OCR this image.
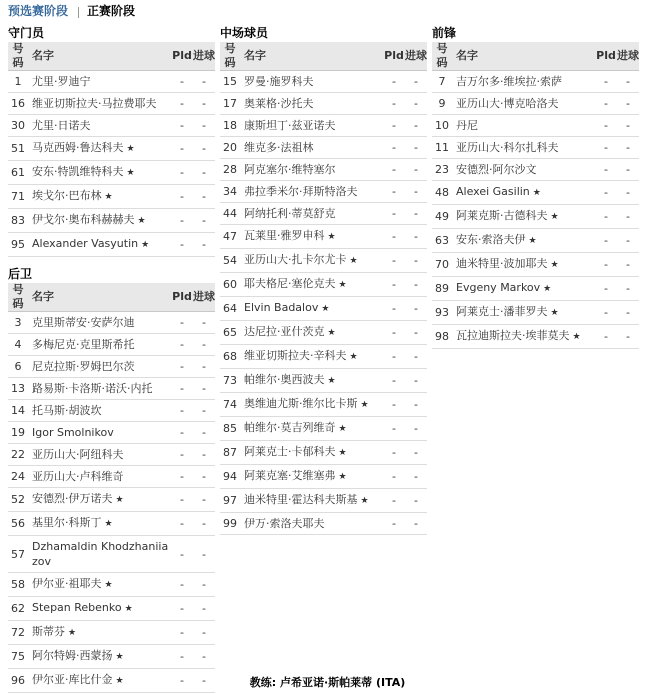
预选赛阶段 正赛阶段
守门员
号码	名字	Pld	进球
1	尤里·罗迪宁	-	-
16	维亚切斯拉夫·马拉费耶夫	-	-
30	尤里·日诺夫	-	-
51	马克西姆·鲁达科夫 ★	-	-
61	安东·特凯维特科夫 ★	-	-
71	埃戈尔·巴布林 ★	-	-
83	伊戈尔·奥布科赫赫夫 ★	-	-
95	Alexander Vasyutin ★	-	-
后卫
号码	名字	Pld	进球
3	克里斯蒂安·安萨尔迪	-	-
4	多梅尼克·克里斯希托	-	-
6	尼克拉斯·罗姆巴尔茨	-	-
13	路易斯·卡洛斯·诺沃·内托	-	-
14	托马斯·胡波坎	-	-
19	Igor Smolnikov	-	-
22	亚历山大·阿纽科夫	-	-
24	亚历山大·卢科维奇	-	-
52	安德烈·伊万诺夫 ★	-	-
56	基里尔·科斯丁 ★	-	-
57	Dzhamaldin Khodzhaniiazov	-	-
58	伊尔亚·祖耶夫 ★	-	-
62	Stepan Rebenko ★	-	-
72	斯蒂芬 ★	-	-
75	阿尔特姆·西蒙扬 ★	-	-
96	伊尔亚·库比什金 ★	-	-
中场球员
号码	名字	Pld	进球
15	罗曼·施罗科夫	-	-
17	奥莱格·沙托夫	-	-
18	康斯坦丁·兹亚诺夫	-	-
20	维克多·法祖林	-	-
28	阿克塞尔·维特塞尔	-	-
34	弗拉季米尔·拜斯特洛夫	-	-
44	阿纳托利·蒂莫舒克	-	-
47	瓦莱里·雅罗申科 ★	-	-
54	亚历山大·扎卡尔尤卡 ★	-	-
60	耶夫格尼·塞伦克夫 ★	-	-
64	Elvin Badalov ★	-	-
65	达尼拉·亚什茨克 ★	-	-
68	维亚切斯拉夫·辛科夫 ★	-	-
73	帕维尔·奥西波夫 ★	-	-
74	奥维迪尤斯·维尔比卡斯 ★	-	-
85	帕维尔·莫吉列维奇 ★	-	-
87	阿莱克士·卡郁科夫 ★	-	-
94	阿莱克塞·艾维塞弗 ★	-	-
97	迪米特里·霍达科夫斯基 ★	-	-
99	伊万·索洛夫耶夫	-	-
前锋
号码	名字	Pld	进球
7	吉万尔多·维埃拉·索萨	-	-
9	亚历山大·博克哈洛夫	-	-
10	丹尼	-	-
11	亚历山大·科尔扎科夫	-	-
23	安德烈·阿尔沙文	-	-
48	Alexei Gasilin ★	-	-
49	阿莱克斯·古德科夫 ★	-	-
63	安东·索洛夫伊 ★	-	-
70	迪米特里·波加耶夫 ★	-	-
89	Evgeny Markov ★	-	-
93	阿莱克士·潘菲罗夫 ★	-	-
98	瓦拉迪斯拉夫·埃菲莫夫 ★	-	-
教练: 卢希亚诺·斯帕莱蒂 (ITA)
